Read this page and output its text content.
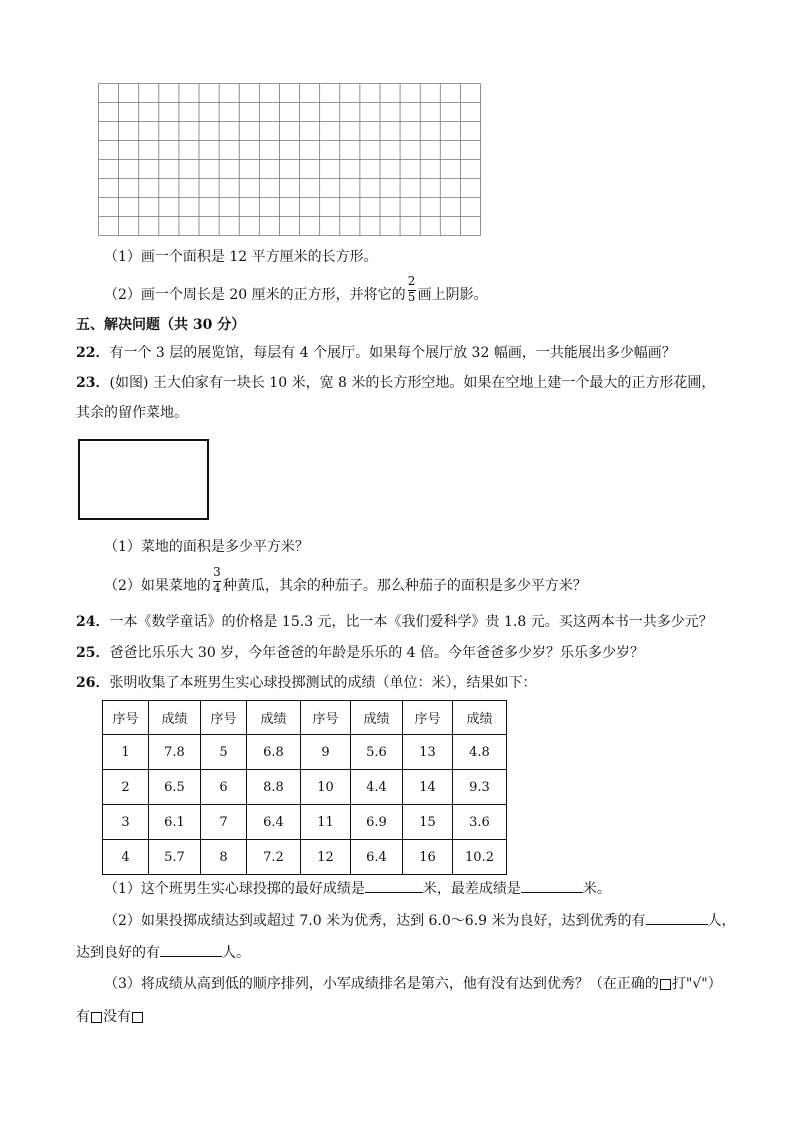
（1）画一个面积是 12 平方厘米的长方形。
（2）画一个周长是 20 厘米的正方形，并将它的 $\frac{2}{5}$ 画上阴影。
五、解决问题（共 30 分）
22．有一个 3 层的展览馆，每层有 4 个展厅。如果每个展厅放 32 幅画，一共能展出多少幅画？
23．(如图) 王大伯家有一块长 10 米，宽 8 米的长方形空地。如果在空地上建一个最大的正方形花圃，
其余的留作菜地。
（1）菜地的面积是多少平方米？
（2）如果菜地的 $\frac{3}{4}$ 种黄瓜，其余的种茄子。那么种茄子的面积是多少平方米？
24．一本《数学童话》的价格是 15.3 元，比一本《我们爱科学》贵 1.8 元。买这两本书一共多少元？
25．爸爸比乐乐大 30 岁，今年爸爸的年龄是乐乐的 4 倍。今年爸爸多少岁？乐乐多少岁？
26．张明收集了本班男生实心球投掷测试的成绩（单位：米），结果如下：
序号	成绩	序号	成绩	序号	成绩	序号	成绩
1	7.8	5	6.8	9	5.6	13	4.8
2	6.5	6	8.8	10	4.4	14	9.3
3	6.1	7	6.4	11	6.9	15	3.6
4	5.7	8	7.2	12	6.4	16	10.2
（1）这个班男生实心球投掷的最好成绩是	米，最差成绩是	米。
（2）如果投掷成绩达到或超过 7.0 米为优秀，达到 6.0～6.9 米为良好，达到优秀的有	人，
达到良好的有	人。
（3）将成绩从高到低的顺序排列，小军成绩排名是第六，他有没有达到优秀？（在正确的 打"√"）
有 没有
